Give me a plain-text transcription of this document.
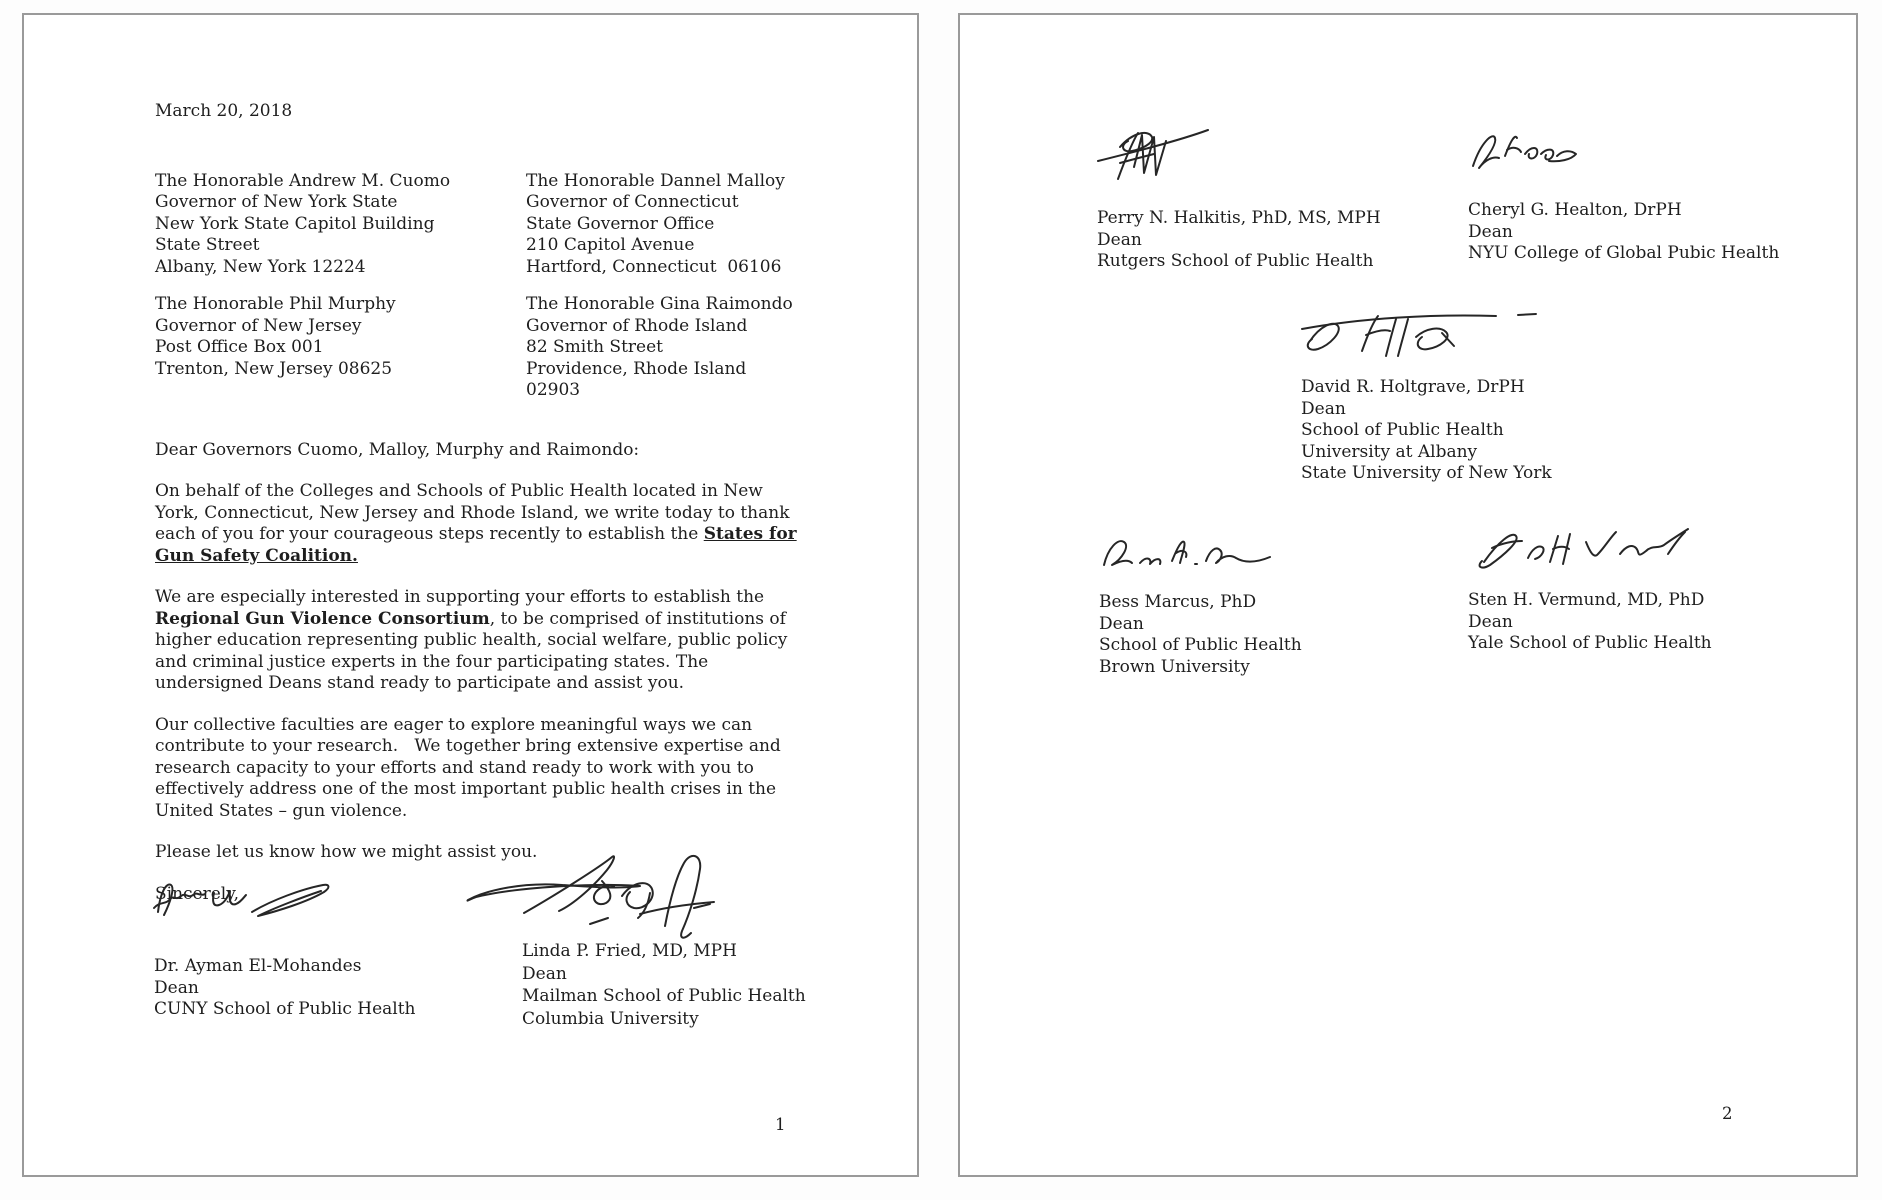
March 20, 2018

The Honorable Andrew M. Cuomo
Governor of New York State
New York State Capitol Building
State Street
Albany, New York 12224
The Honorable Dannel Malloy
Governor of Connecticut
State Governor Office
210 Capitol Avenue
Hartford, Connecticut  06106
The Honorable Phil Murphy
Governor of New Jersey
Post Office Box 001
Trenton, New Jersey 08625
The Honorable Gina Raimondo
Governor of Rhode Island
82 Smith Street
Providence, Rhode Island  02903

Dear Governors Cuomo, Malloy, Murphy and Raimondo:

On behalf of the Colleges and Schools of Public Health located in New York, Connecticut, New Jersey and Rhode Island, we write today to thank each of you for your courageous steps recently to establish the States for Gun Safety Coalition.

We are especially interested in supporting your efforts to establish the Regional Gun Violence Consortium, to be comprised of institutions of higher education representing public health, social welfare, public policy and criminal justice experts in the four participating states. The undersigned Deans stand ready to participate and assist you.

Our collective faculties are eager to explore meaningful ways we can contribute to your research.   We together bring extensive expertise and research capacity to your efforts and stand ready to work with you to effectively address one of the most important public health crises in the United States – gun violence.

Please let us know how we might assist you.

Sincerely,

Dr. Ayman El-Mohandes
Dean
CUNY School of Public Health
Linda P. Fried, MD, MPH
Dean
Mailman School of Public Health
Columbia University
1
Perry N. Halkitis, PhD, MS, MPH
Dean
Rutgers School of Public Health
Cheryl G. Healton, DrPH
Dean
NYU College of Global Pubic Health
David R. Holtgrave, DrPH
Dean
School of Public Health
University at Albany
State University of New York
Bess Marcus, PhD
Dean
School of Public Health
Brown University
Sten H. Vermund, MD, PhD
Dean
Yale School of Public Health
2
